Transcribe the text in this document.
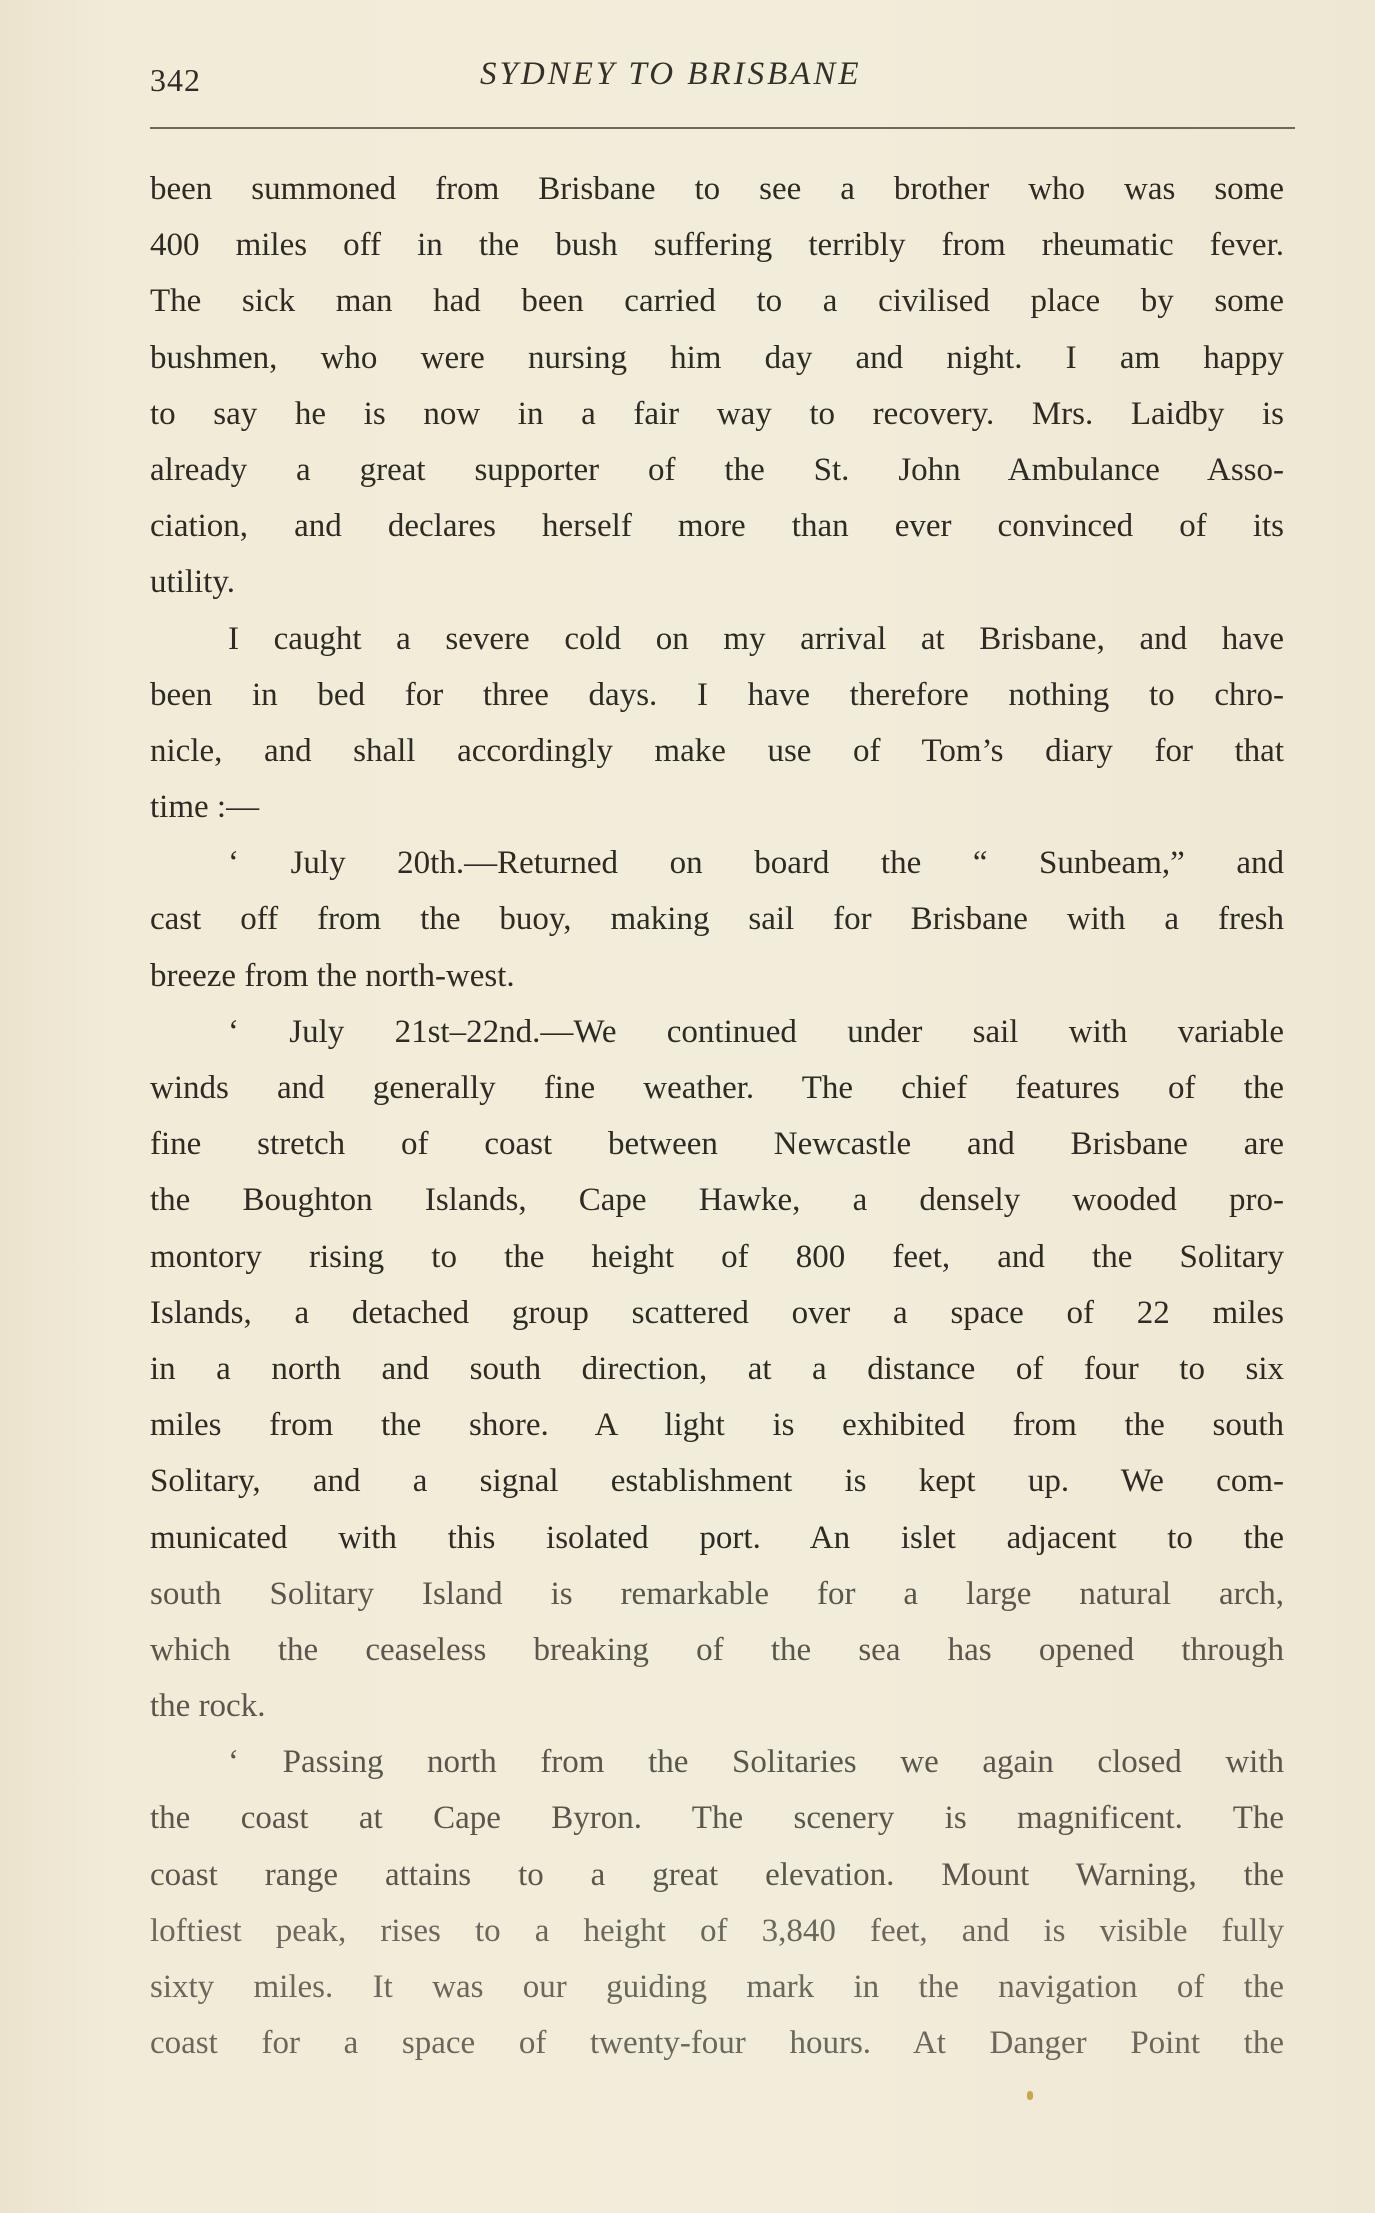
342	SYDNEY TO BRISBANE
been summoned from Brisbane to see a brother who was some
400 miles off in the bush suffering terribly from rheumatic fever.
The sick man had been carried to a civilised place by some
bushmen, who were nursing him day and night. I am happy
to say he is now in a fair way to recovery. Mrs. Laidby is
already a great supporter of the St. John Ambulance Asso-
ciation, and declares herself more than ever convinced of its
utility.
I caught a severe cold on my arrival at Brisbane, and have
been in bed for three days. I have therefore nothing to chro-
nicle, and shall accordingly make use of Tom’s diary for that
time :—
‘ July 20th.—Returned on board the “ Sunbeam,” and
cast off from the buoy, making sail for Brisbane with a fresh
breeze from the north-west.
‘ July 21st–22nd.—We continued under sail with variable
winds and generally fine weather. The chief features of the
fine stretch of coast between Newcastle and Brisbane are
the Boughton Islands, Cape Hawke, a densely wooded pro-
montory rising to the height of 800 feet, and the Solitary
Islands, a detached group scattered over a space of 22 miles
in a north and south direction, at a distance of four to six
miles from the shore. A light is exhibited from the south
Solitary, and a signal establishment is kept up. We com-
municated with this isolated port. An islet adjacent to the
south Solitary Island is remarkable for a large natural arch,
which the ceaseless breaking of the sea has opened through
the rock.
‘ Passing north from the Solitaries we again closed with
the coast at Cape Byron. The scenery is magnificent. The
coast range attains to a great elevation. Mount Warning, the
loftiest peak, rises to a height of 3,840 feet, and is visible fully
sixty miles. It was our guiding mark in the navigation of the
coast for a space of twenty-four hours. At Danger Point the
